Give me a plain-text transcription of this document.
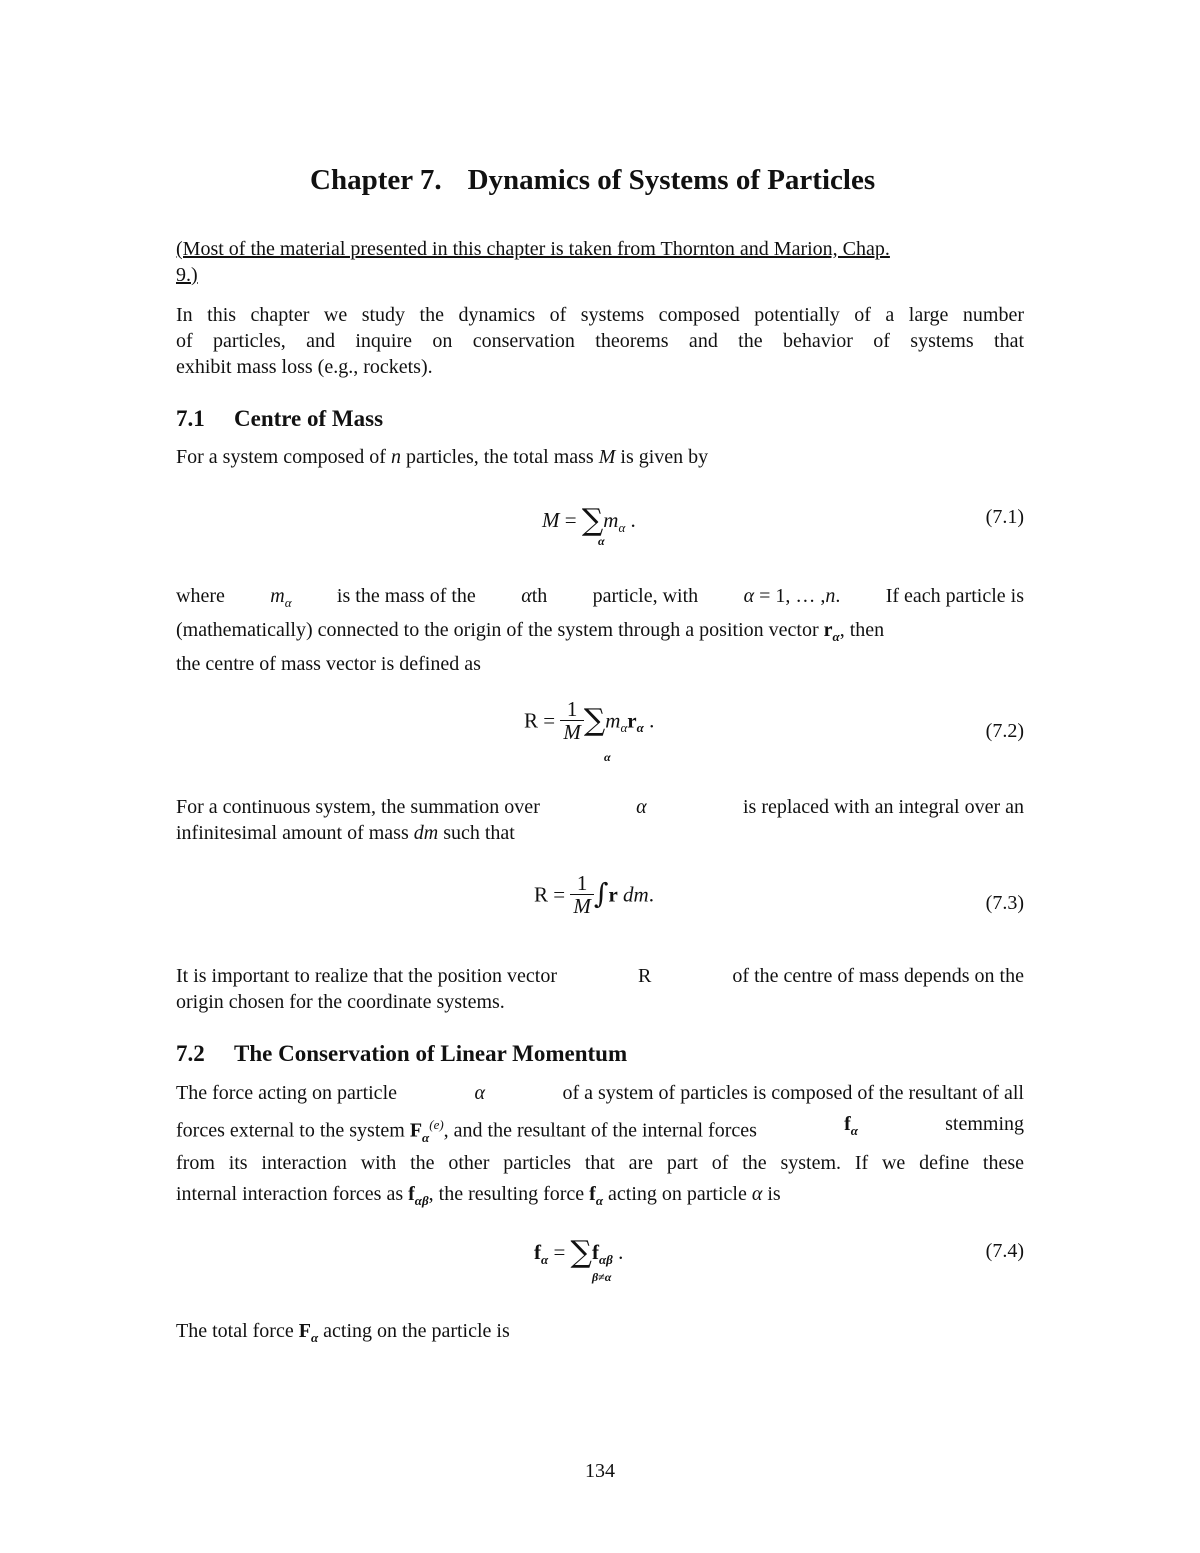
Chapter 7. Dynamics of Systems of Particles
(Most of the material presented in this chapter is taken from Thornton and Marion, Chap.
9.)
In this chapter we study the dynamics of systems composed potentially of a large number
of particles, and inquire on conservation theorems and the behavior of systems that
exhibit mass loss (e.g., rockets).
7.1 Centre of Mass
For a system composed of n particles, the total mass M is given by
$M = \sum m_\alpha$ .
α
(7.1)
where $m_\alpha$ is the mass of the αth particle, with α = 1, … ,n. If each particle is
(mathematically) connected to the origin of the system through a position vector $r_\alpha$, then
the centre of mass vector is defined as
$R = \frac{1}{M} \sum m_\alpha r_\alpha$ .
α
(7.2)
For a continuous system, the summation over	α	is replaced with an integral over an
infinitesimal amount of mass dm such that
$R = \frac{1}{M} \int r$ dm.	(7.3)
It is important to realize that the position vector	R	of the centre of mass depends on the
origin chosen for the coordinate systems.
7.2 The Conservation of Linear Momentum
The force acting on particle	α	of a system of particles is composed of the resultant of all
forces external to the system $F_\alpha^{(e)}$, and the resultant of the internal forces	$f_\alpha$	stemming
from its interaction with the other particles that are part of the system. If we define these
internal interaction forces as $f_{\alpha\beta}$, the resulting force $f_\alpha$ acting on particle α is
$f_\alpha = \sum f_{\alpha\beta}$ .
β≠α
(7.4)
The total force $F_\alpha$ acting on the particle is
134
